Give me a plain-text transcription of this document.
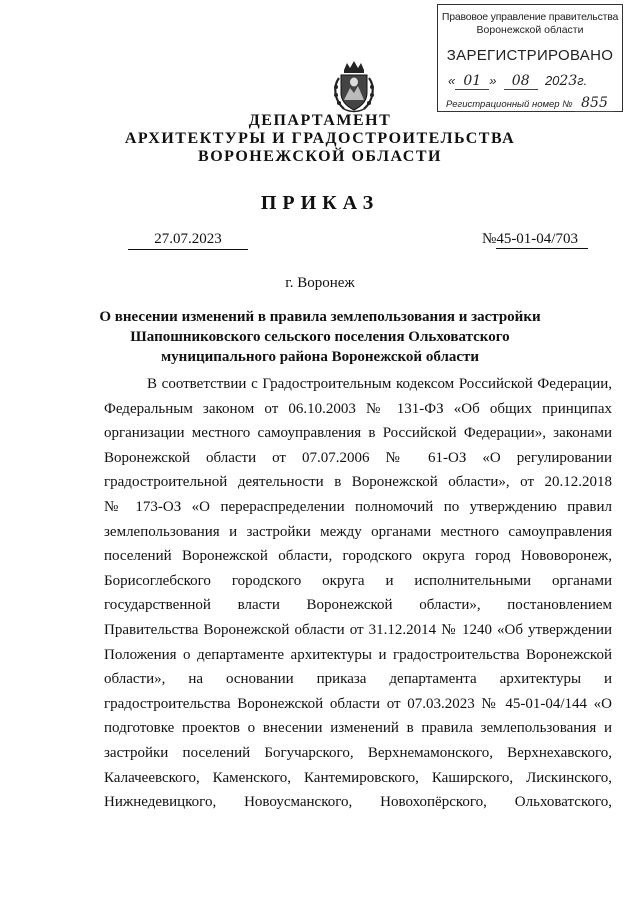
Правовое управление правительства
Воронежской области
ЗАРЕГИСТРИРОВАНО
« 01 »  08 2023г.
Регистрационный номер № 855
ДЕПАРТАМЕНТ
АРХИТЕКТУРЫ И ГРАДОСТРОИТЕЛЬСТВА
ВОРОНЕЖСКОЙ ОБЛАСТИ
ПРИКАЗ
27.07.2023	№45-01-04/703
г. Воронеж
О внесении изменений в правила землепользования и застройки
Шапошниковского сельского поселения Ольховатского
муниципального района Воронежской области
В соответствии с Градостроительным кодексом Российской Федерации,
Федеральным законом от 06.10.2003 № 131-ФЗ «Об общих принципах
организации местного самоуправления в Российской Федерации», законами
Воронежской области от 07.07.2006 № 61-ОЗ «О регулировании
градостроительной деятельности в Воронежской области», от 20.12.2018
№ 173-ОЗ «О перераспределении полномочий по утверждению правил
землепользования и застройки между органами местного самоуправления
поселений Воронежской области, городского округа город Нововоронеж,
Борисоглебского городского округа и исполнительными органами
государственной власти Воронежской области», постановлением
Правительства Воронежской области от 31.12.2014 № 1240 «Об утверждении
Положения о департаменте архитектуры и градостроительства Воронежской
области», на основании приказа департамента архитектуры и
градостроительства Воронежской области от 07.03.2023 № 45-01-04/144 «О
подготовке проектов о внесении изменений в правила землепользования и
застройки поселений Богучарского, Верхнемамонского, Верхнехавского,
Калачеевского, Каменского, Кантемировского, Каширского, Лискинского,
Нижнедевицкого, Новоусманского, Новохопёрского, Ольховатского,
